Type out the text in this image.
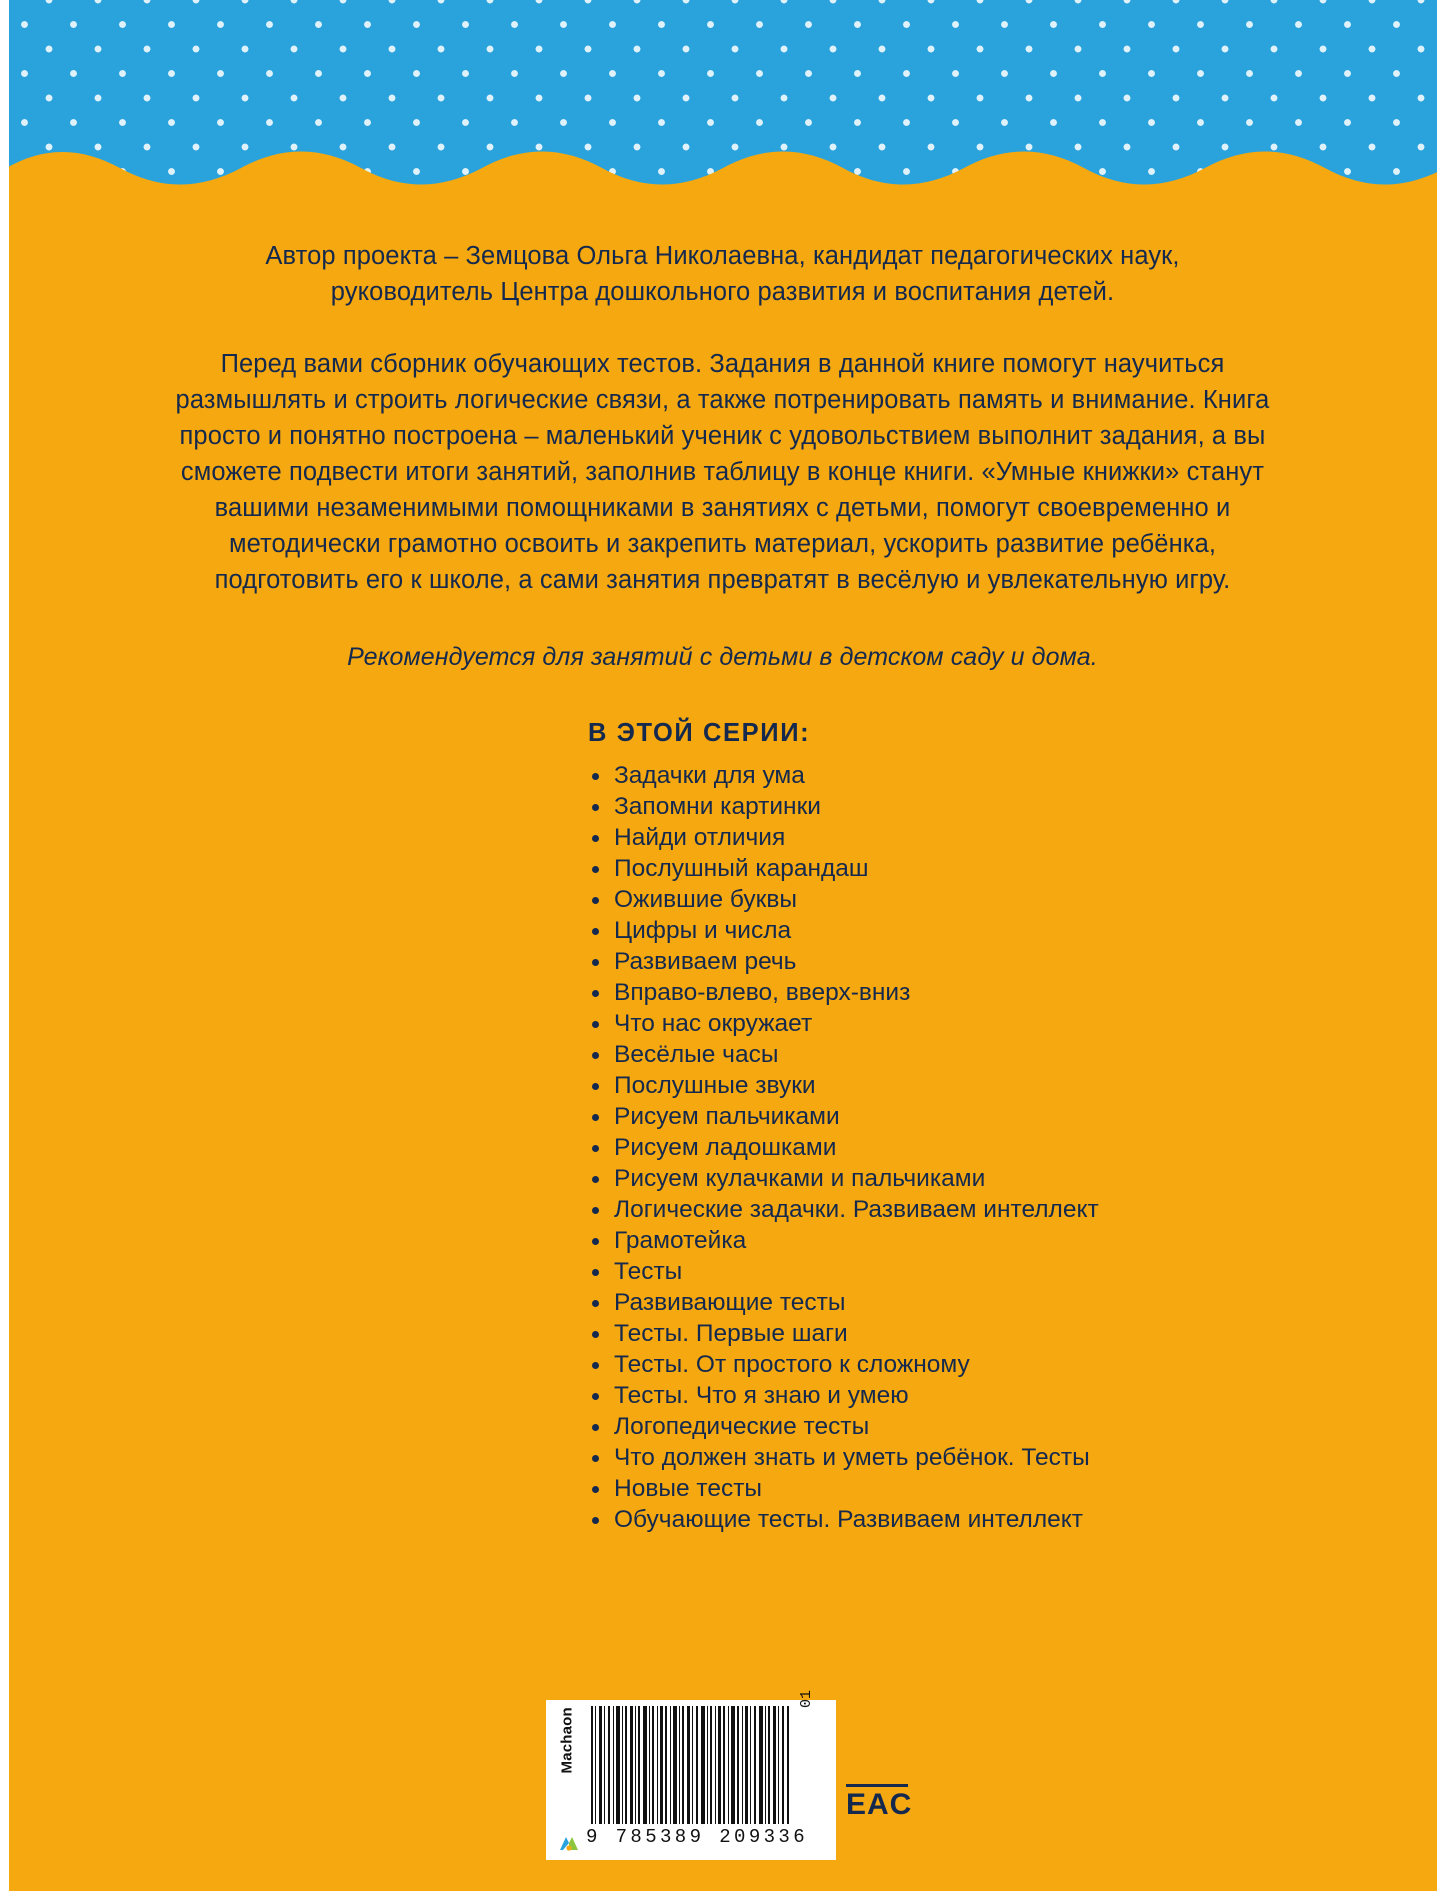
Автор проекта – Земцова Ольга Николаевна, кандидат педагогических наук, руководитель Центра дошкольного развития и воспитания детей.

Перед вами сборник обучающих тестов. Задания в данной книге помогут научиться размышлять и строить логические связи, а также потренировать память и внимание. Книга просто и понятно построена – маленький ученик с удовольствием выполнит задания, а вы сможете подвести итоги занятий, заполнив таблицу в конце книги. «Умные книжки» станут вашими незаменимыми помощниками в занятиях с детьми, помогут своевременно и методически грамотно освоить и закрепить материал, ускорить развитие ребёнка, подготовить его к школе, а сами занятия превратят в весёлую и увлекательную игру.

Рекомендуется для занятий с детьми в детском саду и дома.

В ЭТОЙ СЕРИИ:
Задачки для ума
Запомни картинки
Найди отличия
Послушный карандаш
Ожившие буквы
Цифры и числа
Развиваем речь
Вправо-влево, вверх-вниз
Что нас окружает
Весёлые часы
Послушные звуки
Рисуем пальчиками
Рисуем ладошками
Рисуем кулачками и пальчиками
Логические задачки. Развиваем интеллект
Грамотейка
Тесты
Развивающие тесты
Тесты. Первые шаги
Тесты. От простого к сложному
Тесты. Что я знаю и умею
Логопедические тесты
Что должен знать и уметь ребёнок. Тесты
Новые тесты
Обучающие тесты. Развиваем интеллект
Machaon
9 785389 209336
01
EAC
